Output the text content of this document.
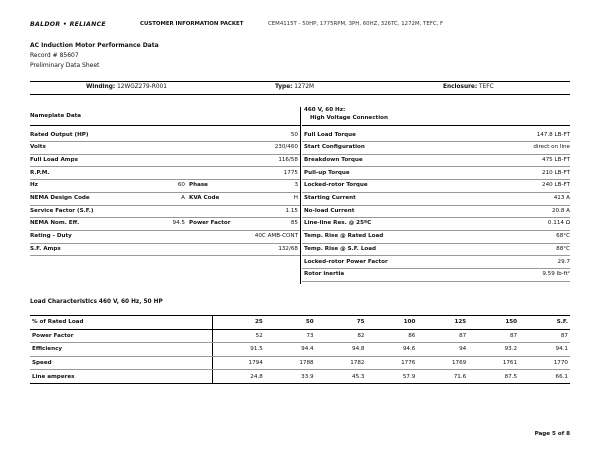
BALDOR • RELIANCE	CUSTOMER INFORMATION PACKET	CEM4115T - 50HP, 1775RPM, 3PH, 60HZ, 326TC, 1272M, TEFC, F
AC Induction Motor Performance Data
Record # 85607
Preliminary Data Sheet
Winding: 12WGZ279-R001	Type: 1272M	Enclosure: TEFC
Nameplate Data
Rated Output (HP)	50
Volts	230/460
Full Load Amps	116/58
R.P.M.	1775
Hz	60 Phase	3
NEMA Design Code	A KVA Code	H
Service Factor (S.F.)	1.15
NEMA Nom. Eff.	94.5 Power Factor	85
Rating - Duty	40C AMB-CONT
S.F. Amps	132/68
460 V, 60 Hz:
High Voltage Connection
Full Load Torque	147.8 LB-FT
Start Configuration	direct on line
Breakdown Torque	475 LB-FT
Pull-up Torque	210 LB-FT
Locked-rotor Torque	240 LB-FT
Starting Current	413 A
No-load Current	20.8 A
Line-line Res. @ 25ºC	0.114 Ω
Temp. Rise @ Rated Load	68°C
Temp. Rise @ S.F. Load	88°C
Locked-rotor Power Factor	29.7
Rotor inertia	9.59 lb-ft²
Load Characteristics 460 V, 60 Hz, 50 HP
% of Rated Load	25	50	75	100	125	150	S.F.
Power Factor	52	73	82	86	87	87	87
Efficiency	91.5	94.4	94.8	94.6	94	93.2	94.1
Speed	1794	1788	1782	1776	1769	1761	1770
Line amperes	24.8	33.9	45.3	57.9	71.6	87.5	66.1
Page 5 of 8
